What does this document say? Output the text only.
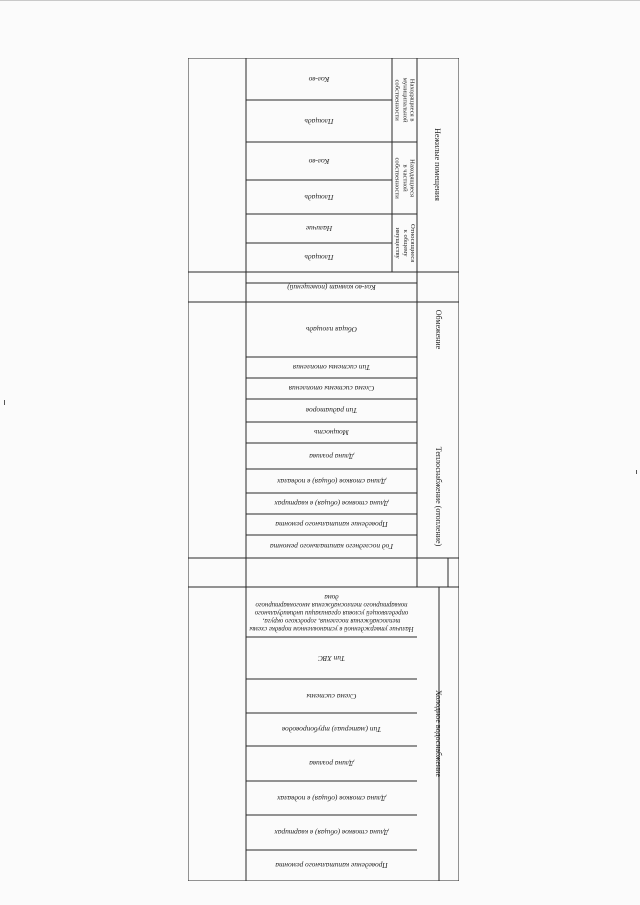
Холодное водоснабжение
Проведение капитального ремонта
Длина стояков (общая) в квартирах
Длина стояков (общая) в подвалах
Длина розлива
Тип (материал) трубопроводов
Схема системы
Тип ХВС
Теплоснабжение (отопление)
Наличие утвержденной в установленном порядке схемы теплоснабжения поселения, городского округа, определяющей условия организации индивидуального поквартирного теплоснабжения многоквартирного дома
Год последнего капитального ремонта
Проведение капитального ремонта
Длина стояков (общая) в квартирах
Длина стояков (общая) в подвалах
Длина розлива
Мощность
Тип радиаторов
Схема системы отопления
Тип системы отопления
Обмежение
Общая площадь
Кол-во комнат (помещений)
Нежилые помещения
Относящиеся к общему имуществу
Площадь
Наличие
Находящиеся в частной собственности
Площадь
Кол-во
Находящиеся в муниципальной собственности
Площадь
Кол-во
